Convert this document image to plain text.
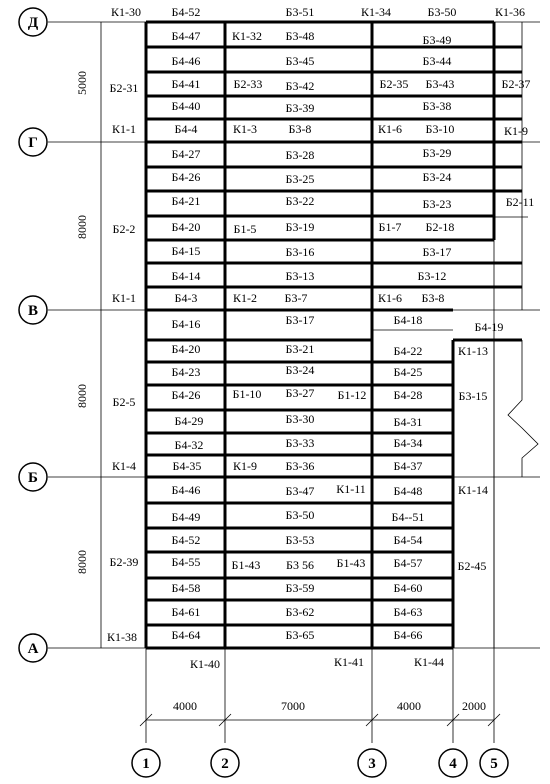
Д
Г
В
Б
А
1	2	3	4 5
5000
8000
8000
8000
4000	7000	4000	2000
К1-30	Б4-52	Б3-51	К1-34	Б3-50	К1-36
Б4-47	К1-32 Б3-48	Б3-49
Б4-46	Б3-45	Б3-44
Б2-31	Б4-41	Б2-33 Б3-42	Б2-35 Б3-43	Б2-37
Б4-40	Б3-39	Б3-38
К1-1	Б4-4	К1-3	Б3-8	К1-6 Б3-10	К1-9
Б4-27	Б3-28	Б3-29
Б4-26	Б3-25	Б3-24
Б4-21	Б3-22	Б3-23	Б2-11
Б2-2	Б4-20	Б1-5 Б3-19	Б1-7 Б2-18
Б4-15	Б3-16	Б3-17
Б4-14	Б3-13	Б3-12
К1-1	Б4-3	К1-2 Б3-7	К1-6 Б3-8
Б4-16	Б3-17	Б4-18	Б4-19
Б4-20	Б3-21	Б4-22	К1-13
Б4-23	Б3-24	Б4-25
Б2-5	Б4-26	Б1-10 Б3-27 Б1-12 Б4-28	Б3-15
Б4-29	Б3-30	Б4-31
Б4-32	Б3-33	Б4-34
К1-4	Б4-35	К1-9 Б3-36	Б4-37
Б4-46	Б3-47 К1-11 Б4-48	К1-14
Б4-49	Б3-50	Б4--51
Б4-52	Б3-53	Б4-54
Б2-39	Б4-55	Б1-43 Б3 56 Б1-43 Б4-57	Б2-45
Б4-58	Б3-59	Б4-60
Б4-61	Б3-62	Б4-63
К1-38	Б4-64	Б3-65	Б4-66
К1-40	К1-41	К1-44
